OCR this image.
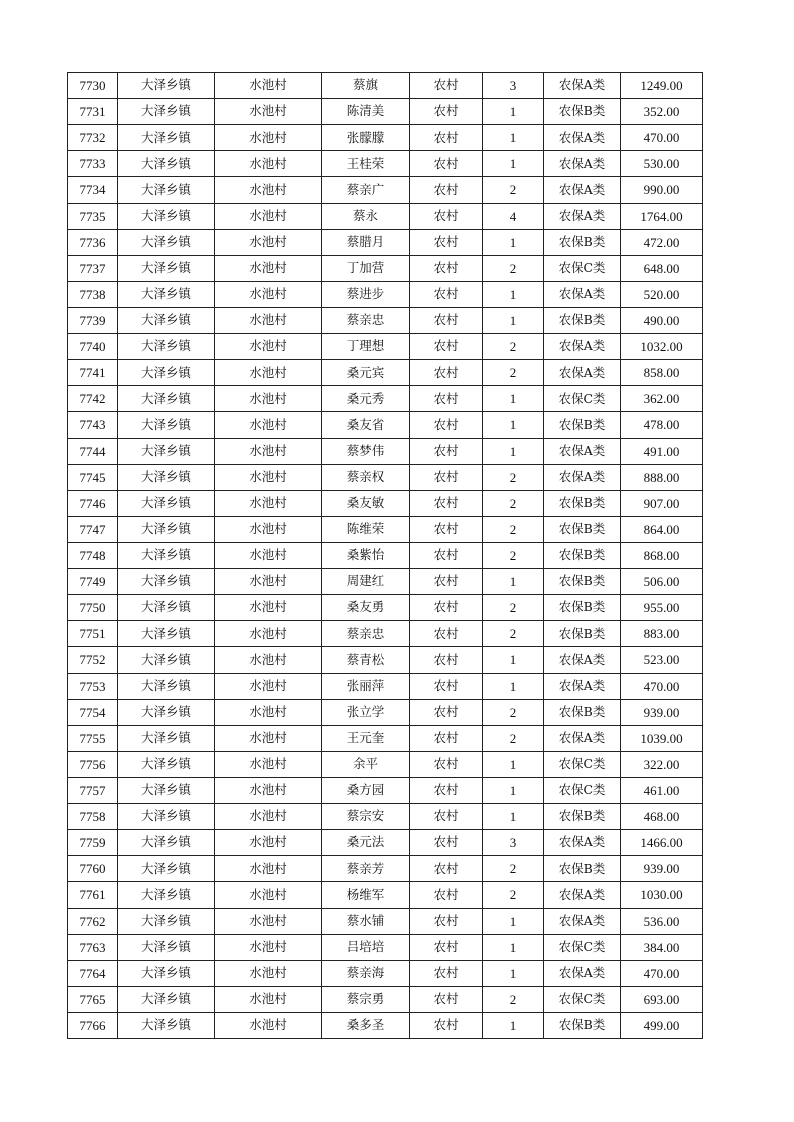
7730	大泽乡镇	水池村	蔡旗	农村	3	农保A类	1249.00
7731	大泽乡镇	水池村	陈清美	农村	1	农保B类	352.00
7732	大泽乡镇	水池村	张朦朦	农村	1	农保A类	470.00
7733	大泽乡镇	水池村	王桂荣	农村	1	农保A类	530.00
7734	大泽乡镇	水池村	蔡亲广	农村	2	农保A类	990.00
7735	大泽乡镇	水池村	蔡永	农村	4	农保A类	1764.00
7736	大泽乡镇	水池村	蔡腊月	农村	1	农保B类	472.00
7737	大泽乡镇	水池村	丁加营	农村	2	农保C类	648.00
7738	大泽乡镇	水池村	蔡进步	农村	1	农保A类	520.00
7739	大泽乡镇	水池村	蔡亲忠	农村	1	农保B类	490.00
7740	大泽乡镇	水池村	丁理想	农村	2	农保A类	1032.00
7741	大泽乡镇	水池村	桑元宾	农村	2	农保A类	858.00
7742	大泽乡镇	水池村	桑元秀	农村	1	农保C类	362.00
7743	大泽乡镇	水池村	桑友省	农村	1	农保B类	478.00
7744	大泽乡镇	水池村	蔡梦伟	农村	1	农保A类	491.00
7745	大泽乡镇	水池村	蔡亲权	农村	2	农保A类	888.00
7746	大泽乡镇	水池村	桑友敏	农村	2	农保B类	907.00
7747	大泽乡镇	水池村	陈维荣	农村	2	农保B类	864.00
7748	大泽乡镇	水池村	桑紫怡	农村	2	农保B类	868.00
7749	大泽乡镇	水池村	周建红	农村	1	农保B类	506.00
7750	大泽乡镇	水池村	桑友勇	农村	2	农保B类	955.00
7751	大泽乡镇	水池村	蔡亲忠	农村	2	农保B类	883.00
7752	大泽乡镇	水池村	蔡青松	农村	1	农保A类	523.00
7753	大泽乡镇	水池村	张丽萍	农村	1	农保A类	470.00
7754	大泽乡镇	水池村	张立学	农村	2	农保B类	939.00
7755	大泽乡镇	水池村	王元奎	农村	2	农保A类	1039.00
7756	大泽乡镇	水池村	余平	农村	1	农保C类	322.00
7757	大泽乡镇	水池村	桑方园	农村	1	农保C类	461.00
7758	大泽乡镇	水池村	蔡宗安	农村	1	农保B类	468.00
7759	大泽乡镇	水池村	桑元法	农村	3	农保A类	1466.00
7760	大泽乡镇	水池村	蔡亲芳	农村	2	农保B类	939.00
7761	大泽乡镇	水池村	杨维军	农村	2	农保A类	1030.00
7762	大泽乡镇	水池村	蔡水铺	农村	1	农保A类	536.00
7763	大泽乡镇	水池村	吕培培	农村	1	农保C类	384.00
7764	大泽乡镇	水池村	蔡亲海	农村	1	农保A类	470.00
7765	大泽乡镇	水池村	蔡宗勇	农村	2	农保C类	693.00
7766	大泽乡镇	水池村	桑多圣	农村	1	农保B类	499.00
